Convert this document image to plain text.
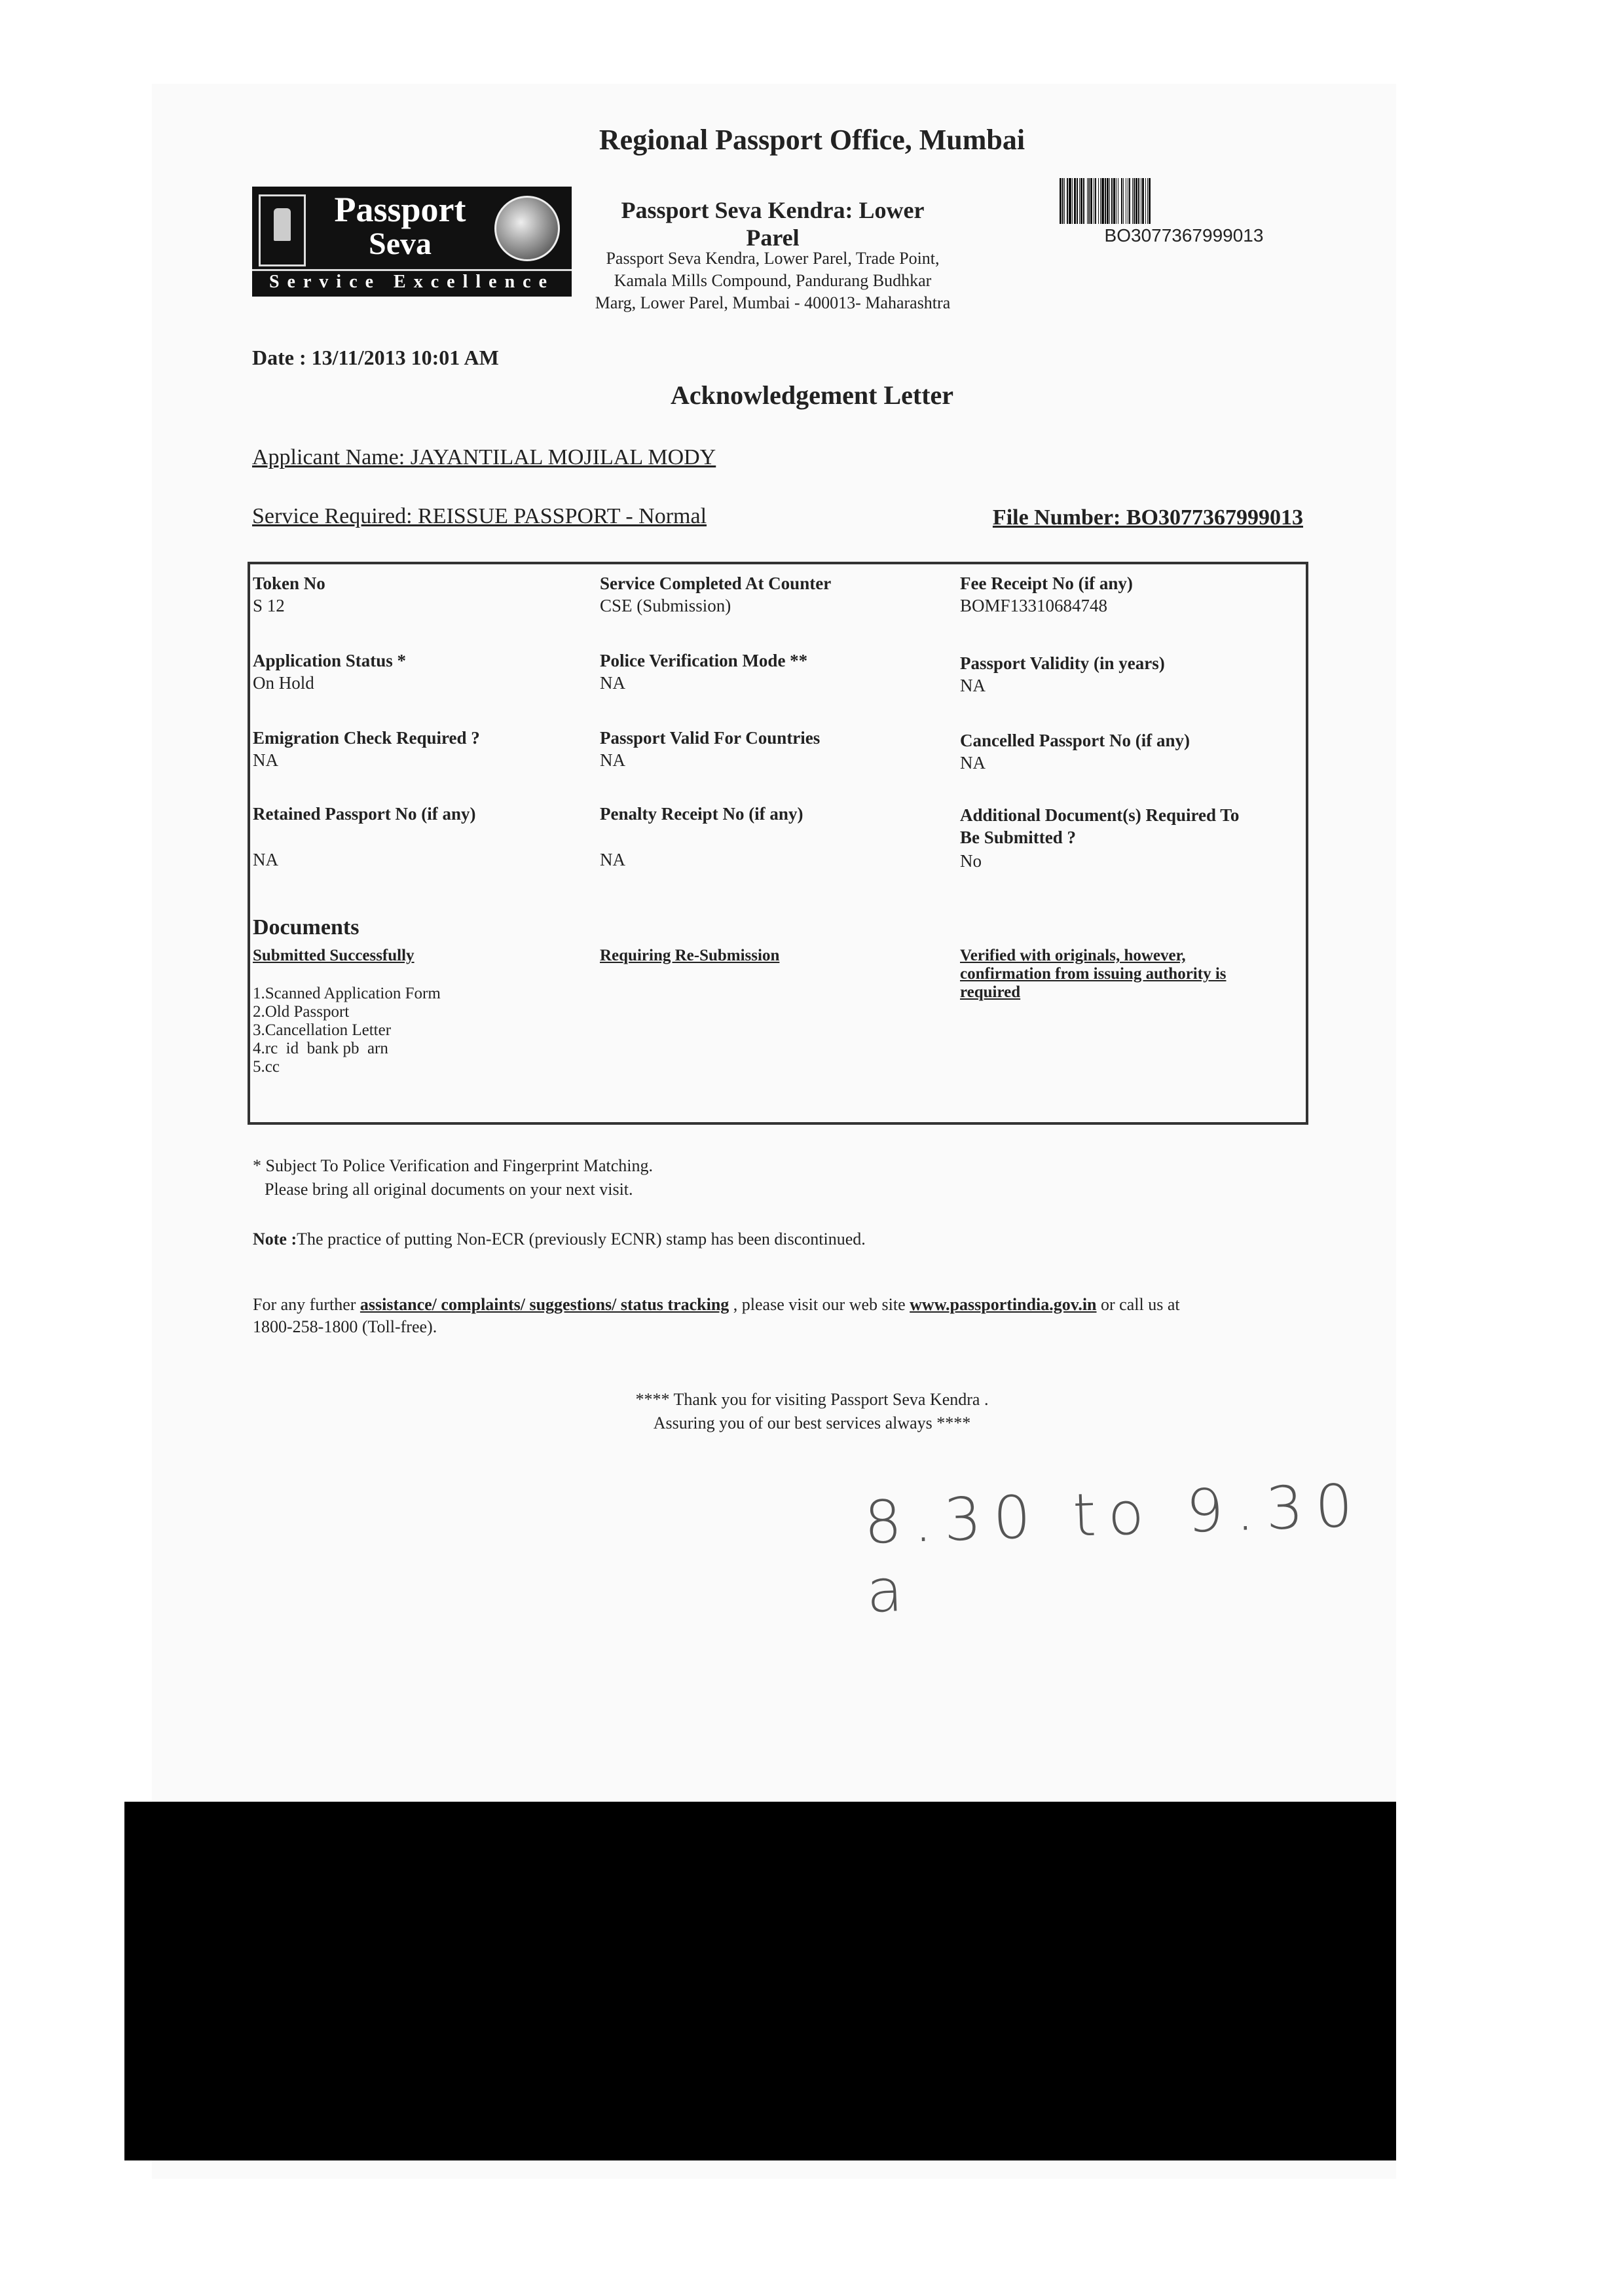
Regional Passport Office, Mumbai
Passport
Seva
Service Excellence
Passport Seva Kendra: Lower Parel
Passport Seva Kendra, Lower Parel, Trade Point, Kamala Mills Compound, Pandurang Budhkar Marg, Lower Parel, Mumbai - 400013- Maharashtra
BO3077367999013
Date : 13/11/2013 10:01 AM
Acknowledgement Letter
Applicant Name: JAYANTILAL MOJILAL MODY
Service Required: REISSUE PASSPORT - Normal	File Number: BO3077367999013
Token No
S 12
Service Completed At Counter
CSE (Submission)
Fee Receipt No (if any)
BOMF13310684748
Application Status *
On Hold
Police Verification Mode **
NA
Passport Validity (in years)
NA
Emigration Check Required ?
NA
Passport Valid For Countries
NA
Cancelled Passport No (if any)
NA
Retained Passport No (if any)
NA
Penalty Receipt No (if any)
NA
Additional Document(s) Required To Be Submitted ?
No
Documents
Submitted Successfully	Requiring Re-Submission	Verified with originals, however, confirmation from issuing authority is required
1.Scanned Application Form
2.Old Passport
3.Cancellation Letter
4.rc  id  bank pb  arn
5.cc
* Subject To Police Verification and Fingerprint Matching.
Please bring all original documents on your next visit.
Note :The practice of putting Non-ECR (previously ECNR) stamp has been discontinued.
For any further assistance/ complaints/ suggestions/ status tracking , please visit our web site www.passportindia.gov.in or call us at
1800-258-1800 (Toll-free).
**** Thank you for visiting Passport Seva Kendra .
Assuring you of our best services always ****
8.30 to 9.30 a
